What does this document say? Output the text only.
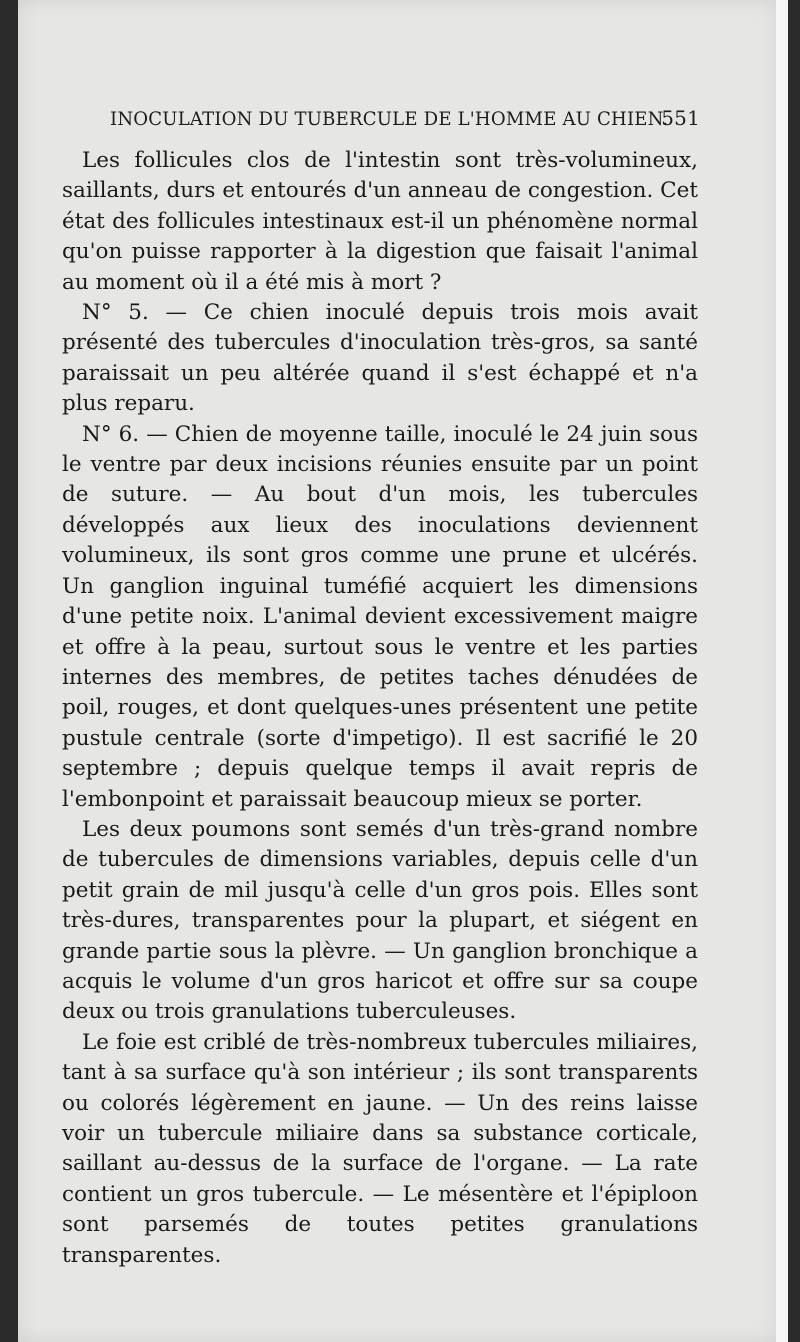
INOCULATION DU TUBERCULE DE L'HOMME AU CHIEN.
551

Les follicules clos de l'intestin sont très-volumineux, saillants, durs et entourés d'un anneau de congestion. Cet état des follicules intestinaux est-il un phénomène normal qu'on puisse rapporter à la digestion que faisait l'animal au moment où il a été mis à mort ?

N° 5. — Ce chien inoculé depuis trois mois avait présenté des tubercules d'inoculation très-gros, sa santé paraissait un peu altérée quand il s'est échappé et n'a plus reparu.

N° 6. — Chien de moyenne taille, inoculé le 24 juin sous le ventre par deux incisions réunies ensuite par un point de suture. — Au bout d'un mois, les tubercules développés aux lieux des inoculations deviennent volumineux, ils sont gros comme une prune et ulcérés. Un ganglion inguinal tuméfié acquiert les dimensions d'une petite noix. L'animal devient excessivement maigre et offre à la peau, surtout sous le ventre et les parties internes des membres, de petites taches dénudées de poil, rouges, et dont quelques-unes présentent une petite pustule centrale (sorte d'impetigo). Il est sacrifié le 20 septembre ; depuis quelque temps il avait repris de l'embonpoint et paraissait beaucoup mieux se porter.

Les deux poumons sont semés d'un très-grand nombre de tubercules de dimensions variables, depuis celle d'un petit grain de mil jusqu'à celle d'un gros pois. Elles sont très-dures, transparentes pour la plupart, et siégent en grande partie sous la plèvre. — Un ganglion bronchique a acquis le volume d'un gros haricot et offre sur sa coupe deux ou trois granulations tuberculeuses.

Le foie est criblé de très-nombreux tubercules miliaires, tant à sa surface qu'à son intérieur ; ils sont transparents ou colorés légèrement en jaune. — Un des reins laisse voir un tubercule miliaire dans sa substance corticale, saillant au-dessus de la surface de l'organe. — La rate contient un gros tubercule. — Le mésentère et l'épiploon sont parsemés de toutes petites granulations transparentes.
